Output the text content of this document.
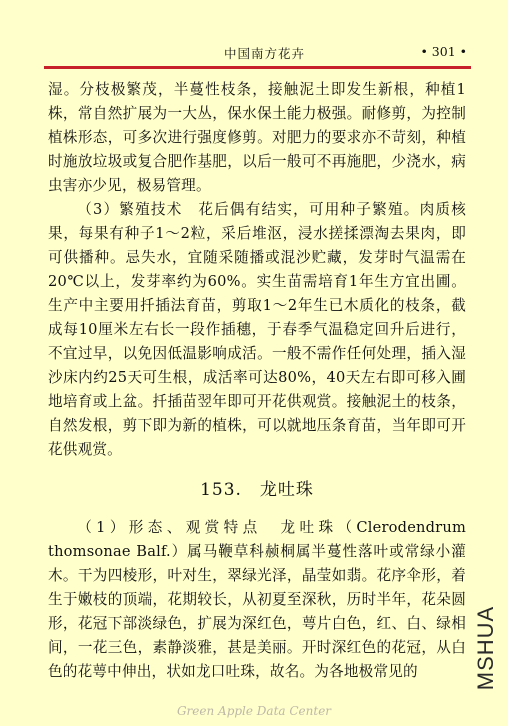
中国南方花卉	• 301 •

湿。分枝极繁茂，半蔓性枝条，接触泥土即发生新根，种植1株，常自然扩展为一大丛，保水保土能力极强。耐修剪，为控制植株形态，可多次进行强度修剪。对肥力的要求亦不苛刻，种植时施放垃圾或复合肥作基肥，以后一般可不再施肥，少浇水，病虫害亦少见，极易管理。

（3）繁殖技术　花后偶有结实，可用种子繁殖。肉质核果，每果有种子1～2粒，采后堆沤，浸水搓揉漂淘去果肉，即可供播种。忌失水，宜随采随播或混沙贮藏，发芽时气温需在20℃以上，发芽率约为60%。实生苗需培育1年生方宜出圃。生产中主要用扦插法育苗，剪取1～2年生已木质化的枝条，截成每10厘米左右长一段作插穗，于春季气温稳定回升后进行，不宜过早，以免因低温影响成活。一般不需作任何处理，插入湿沙床内约25天可生根，成活率可达80%，40天左右即可移入圃地培育或上盆。扦插苗翌年即可开花供观赏。接触泥土的枝条，自然发根，剪下即为新的植株，可以就地压条育苗，当年即可开花供观赏。

153.　龙吐珠

（1）形态、观赏特点　龙吐珠（Clerodendrum thomsonae Balf.）属马鞭草科赪桐属半蔓性落叶或常绿小灌木。干为四棱形，叶对生，翠绿光泽，晶莹如翡。花序伞形，着生于嫩枝的顶端，花期较长，从初夏至深秋，历时半年，花朵圆形，花冠下部淡绿色，扩展为深红色，萼片白色，红、白、绿相间，一花三色，素静淡雅，甚是美丽。开时深红色的花冠，从白色的花萼中伸出，状如龙口吐珠，故名。为各地极常见的	MSHUA
Green Apple Data Center
